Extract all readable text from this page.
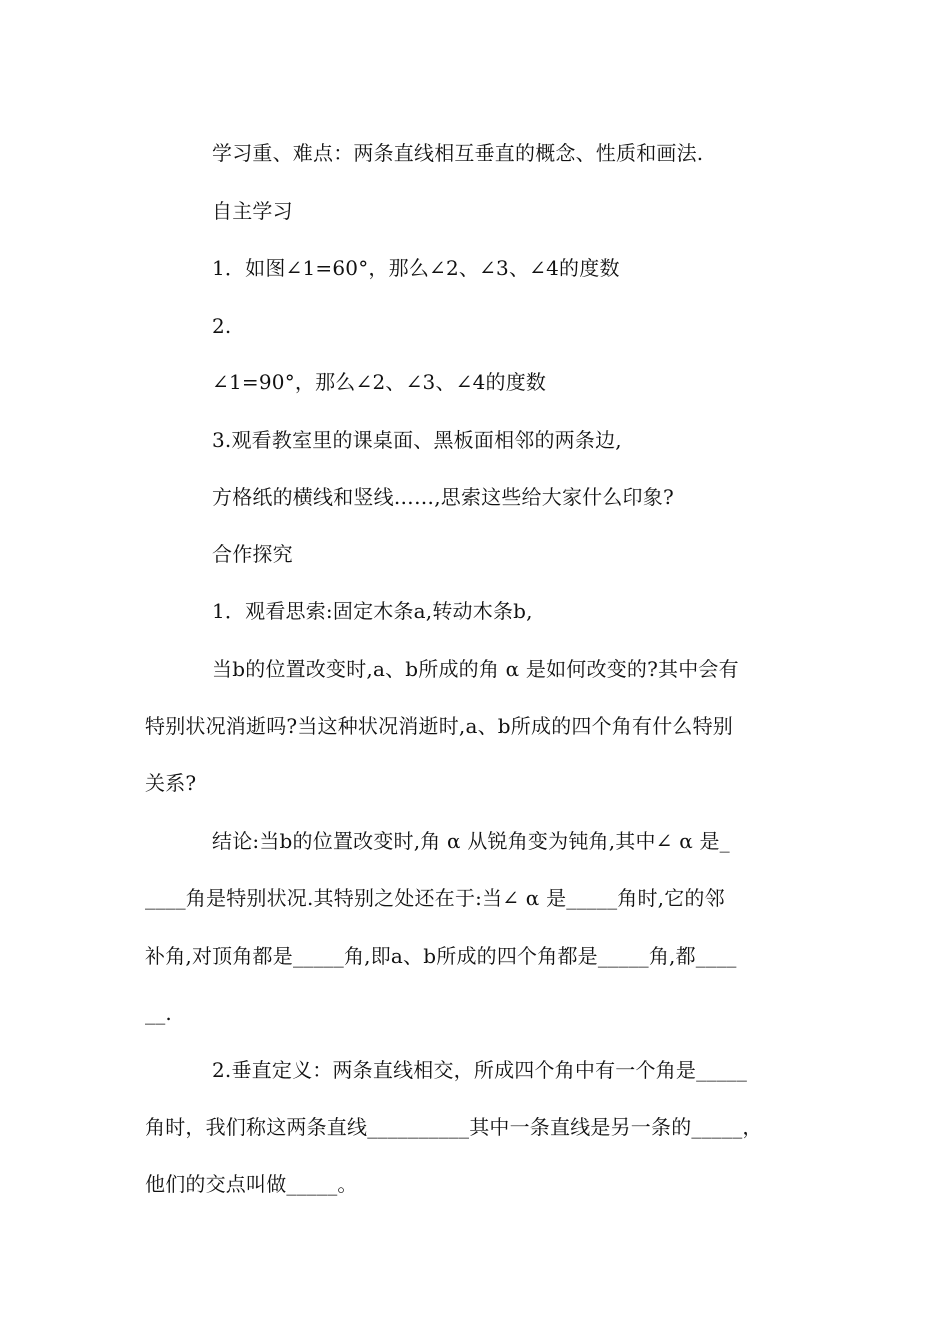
学习重、难点：两条直线相互垂直的概念、性质和画法.
自主学习
1．如图∠1=60°，那么∠2、∠3、∠4的度数
2.
∠1=90°，那么∠2、∠3、∠4的度数
3.观看教室里的课桌面、黑板面相邻的两条边,
方格纸的横线和竖线……,思索这些给大家什么印象?
合作探究
1．观看思索:固定木条a,转动木条b,
当b的位置改变时,a、b所成的角 α 是如何改变的?其中会有
特别状况消逝吗?当这种状况消逝时,a、b所成的四个角有什么特别
关系?
结论:当b的位置改变时,角 α 从锐角变为钝角,其中∠ α 是_
____角是特别状况.其特别之处还在于:当∠ α 是_____角时,它的邻
补角,对顶角都是_____角,即a、b所成的四个角都是_____角,都____
__.
2.垂直定义：两条直线相交，所成四个角中有一个角是_____
角时，我们称这两条直线__________其中一条直线是另一条的_____，
他们的交点叫做_____。
